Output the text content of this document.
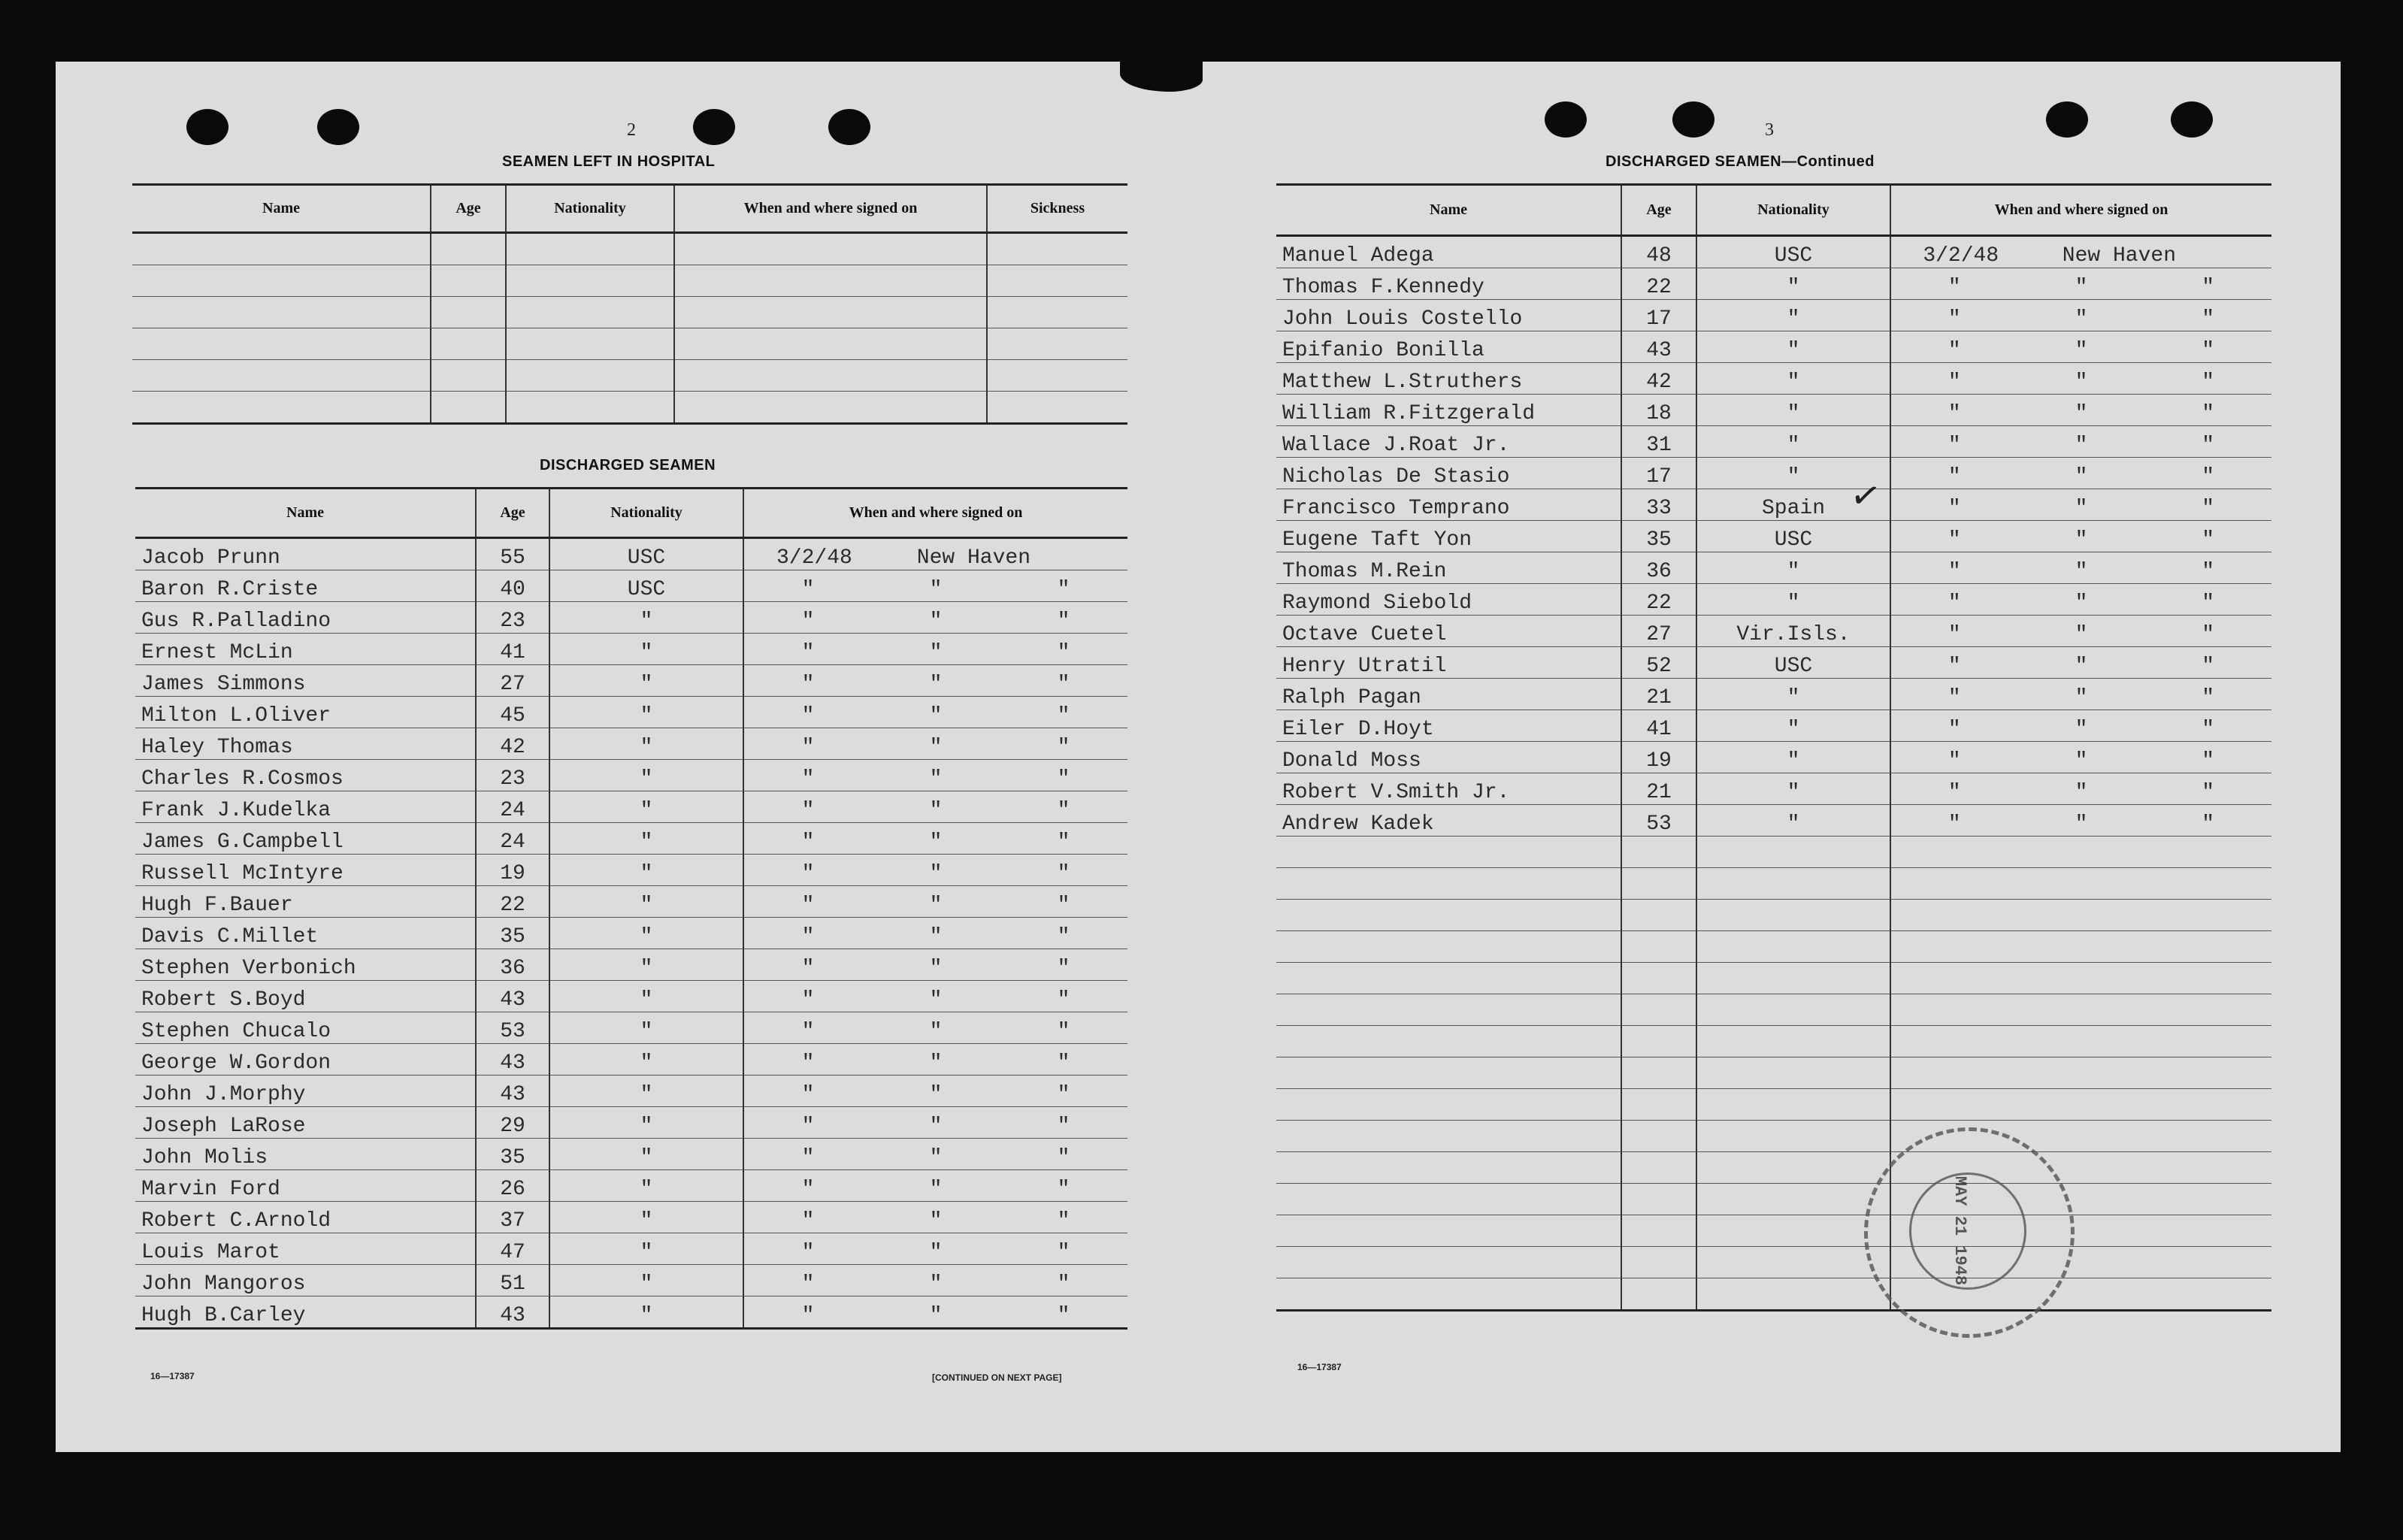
2
SEAMEN LEFT IN HOSPITAL
Name	Age	Nationality	When and where signed on	Sickness

DISCHARGED SEAMEN
Name	Age	Nationality	When and where signed on
Jacob Prunn	55	USC	3/2/48 New Haven

Baron R.Criste	40	USC	" " "

Gus R.Palladino	23	"	" " "

Ernest McLin	41	"	" " "

James Simmons	27	"	" " "

Milton L.Oliver	45	"	" " "

Haley Thomas	42	"	" " "

Charles R.Cosmos	23	"	" " "

Frank J.Kudelka	24	"	" " "

James G.Campbell	24	"	" " "

Russell McIntyre	19	"	" " "

Hugh F.Bauer	22	"	" " "

Davis C.Millet	35	"	" " "

Stephen Verbonich	36	"	" " "

Robert S.Boyd	43	"	" " "

Stephen Chucalo	53	"	" " "

George W.Gordon	43	"	" " "

John J.Morphy	43	"	" " "

Joseph LaRose	29	"	" " "

John Molis	35	"	" " "

Marvin Ford	26	"	" " "

Robert C.Arnold	37	"	" " "

Louis Marot	47	"	" " "

John Mangoros	51	"	" " "

Hugh B.Carley	43	"	" " "
16—17387	[CONTINUED ON NEXT PAGE]
3
DISCHARGED SEAMEN—Continued
Name	Age	Nationality	When and where signed on
Manuel Adega	48	USC	3/2/48 New Haven

Thomas F.Kennedy	22	"	" " "

John Louis Costello	17	"	" " "

Epifanio Bonilla	43	"	" " "

Matthew L.Struthers	42	"	" " "

William R.Fitzgerald	18	"	" " "

Wallace J.Roat Jr.	31	"	" " "

Nicholas De Stasio	17	"	" " "

Francisco Temprano	33	Spain	" " "

Eugene Taft Yon	35	USC	" " "

Thomas M.Rein	36	"	" " "

Raymond Siebold	22	"	" " "

Octave Cuetel	27	Vir.Isls.	" " "

Henry Utratil	52	USC	" " "

Ralph Pagan	21	"	" " "

Eiler D.Hoyt	41	"	" " "

Donald Moss	19	"	" " "

Robert V.Smith Jr.	21	"	" " "

Andrew Kadek	53	"	" " "

✓
MAY 21 1948
16—17387
